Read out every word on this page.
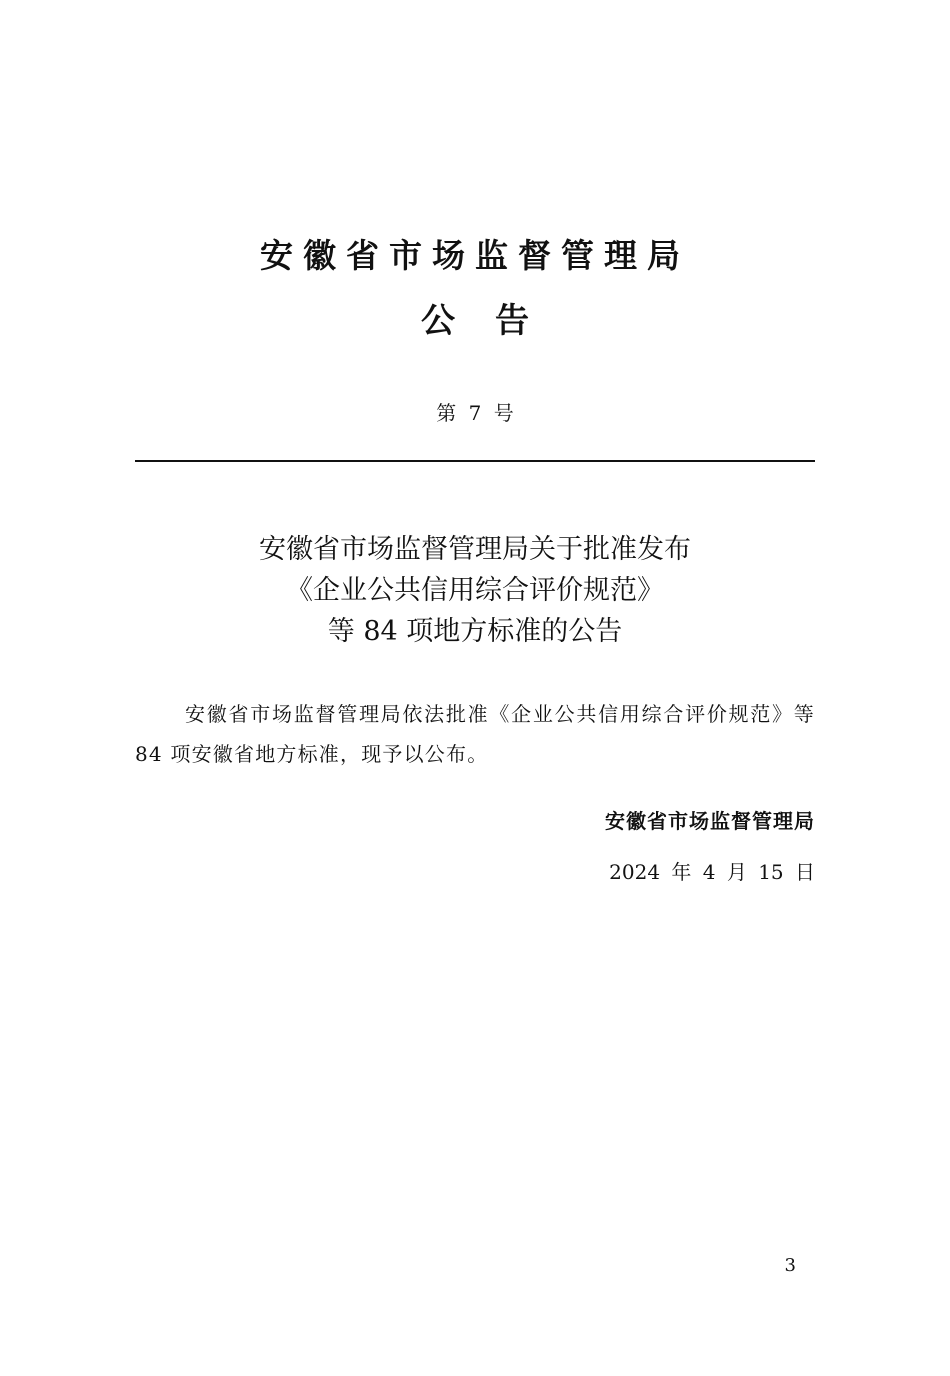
安徽省市场监督管理局
公告
第 7 号
安徽省市场监督管理局关于批准发布
《企业公共信用综合评价规范》
等 84 项地方标准的公告
安徽省市场监督管理局依法批准《企业公共信用综合评价规范》等 84 项安徽省地方标准，现予以公布。
安徽省市场监督管理局
2024 年 4 月 15 日
3
